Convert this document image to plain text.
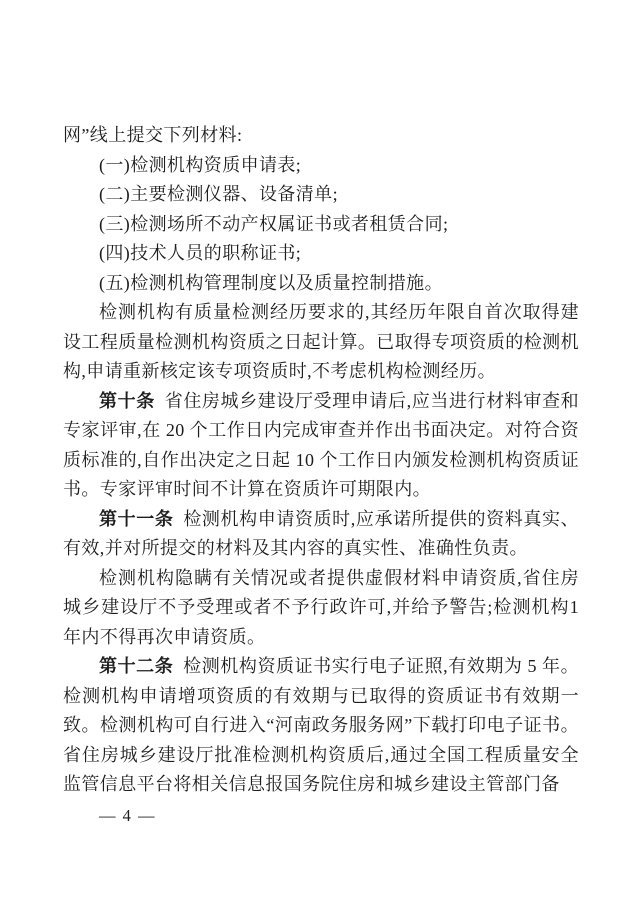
网”线上提交下列材料:

(一)检测机构资质申请表;

(二)主要检测仪器、设备清单;

(三)检测场所不动产权属证书或者租赁合同;

(四)技术人员的职称证书;

(五)检测机构管理制度以及质量控制措施。

检测机构有质量检测经历要求的,其经历年限自首次取得建设工程质量检测机构资质之日起计算。已取得专项资质的检测机构,申请重新核定该专项资质时,不考虑机构检测经历。

第十条 省住房城乡建设厅受理申请后,应当进行材料审查和专家评审,在 20 个工作日内完成审查并作出书面决定。对符合资质标准的,自作出决定之日起 10 个工作日内颁发检测机构资质证书。专家评审时间不计算在资质许可期限内。

第十一条 检测机构申请资质时,应承诺所提供的资料真实、有效,并对所提交的材料及其内容的真实性、准确性负责。

检测机构隐瞒有关情况或者提供虚假材料申请资质,省住房城乡建设厅不予受理或者不予行政许可,并给予警告;检测机构1年内不得再次申请资质。

第十二条 检测机构资质证书实行电子证照,有效期为 5 年。检测机构申请增项资质的有效期与已取得的资质证书有效期一致。检测机构可自行进入“河南政务服务网”下载打印电子证书。省住房城乡建设厅批准检测机构资质后,通过全国工程质量安全监管信息平台将相关信息报国务院住房和城乡建设主管部门备

— 4 —
